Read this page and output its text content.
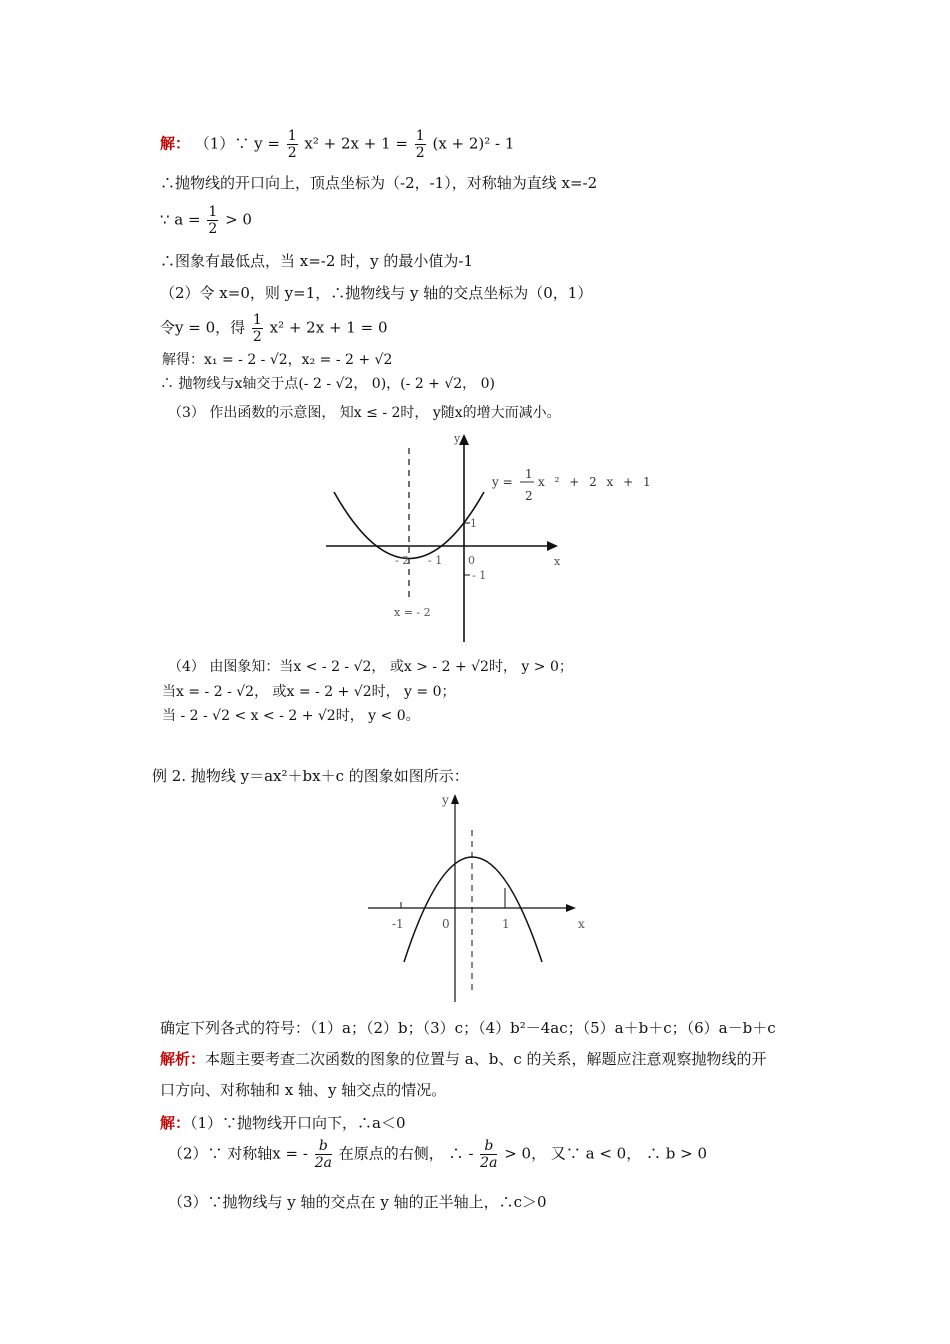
解： （1）∵ $y = \frac{1}{2} x^2 + 2x + 1 = \frac{1}{2} (x + 2)^2 - 1$
∴抛物线的开口向上，顶点坐标为（-2，-1），对称轴为直线 x=-2
∵ $a = \frac{1}{2} > 0$
∴图象有最低点，当 x=-2 时，y 的最小值为-1
（2）令 x=0，则 y=1，∴抛物线与 y 轴的交点坐标为（0，1）
令y = 0，得 $\frac{1}{2} x^2 + 2x + 1 = 0$
解得：x₁ = - 2 - √2，x₂ = - 2 + √2
∴ 抛物线与x轴交于点(- 2 - √2， 0)，(- 2 + √2， 0)
（3） 作出函数的示意图， 知x ≤ - 2时， y随x的增大而减小。
y
x
y =
1
2
x ² + 2 x + 1
- 2 - 1 0
1
- 1
x = - 2
（4） 由图象知：当x < - 2 - √2， 或x > - 2 + √2时， y > 0；
当x = - 2 - √2， 或x = - 2 + √2时， y = 0；
当 - 2 - √2 < x < - 2 + √2时， y < 0。
例 2. 抛物线 y＝ax²＋bx＋c 的图象如图所示：
y
x
-1	0	1
确定下列各式的符号：（1）a；（2）b；（3）c；（4）b²－4ac；（5）a＋b＋c；（6）a－b＋c
解析：本题主要考查二次函数的图象的位置与 a、b、c 的关系，解题应注意观察抛物线的开
口方向、对称轴和 x 轴、y 轴交点的情况。
解：（1）∵抛物线开口向下，∴a＜0
（2）∵ 对称轴x = - $\frac{b}{2a}$ 在原点的右侧， ∴ - $\frac{b}{2a} > 0$， 又∵ a < 0， ∴ b > 0
（3）∵抛物线与 y 轴的交点在 y 轴的正半轴上，∴c＞0
